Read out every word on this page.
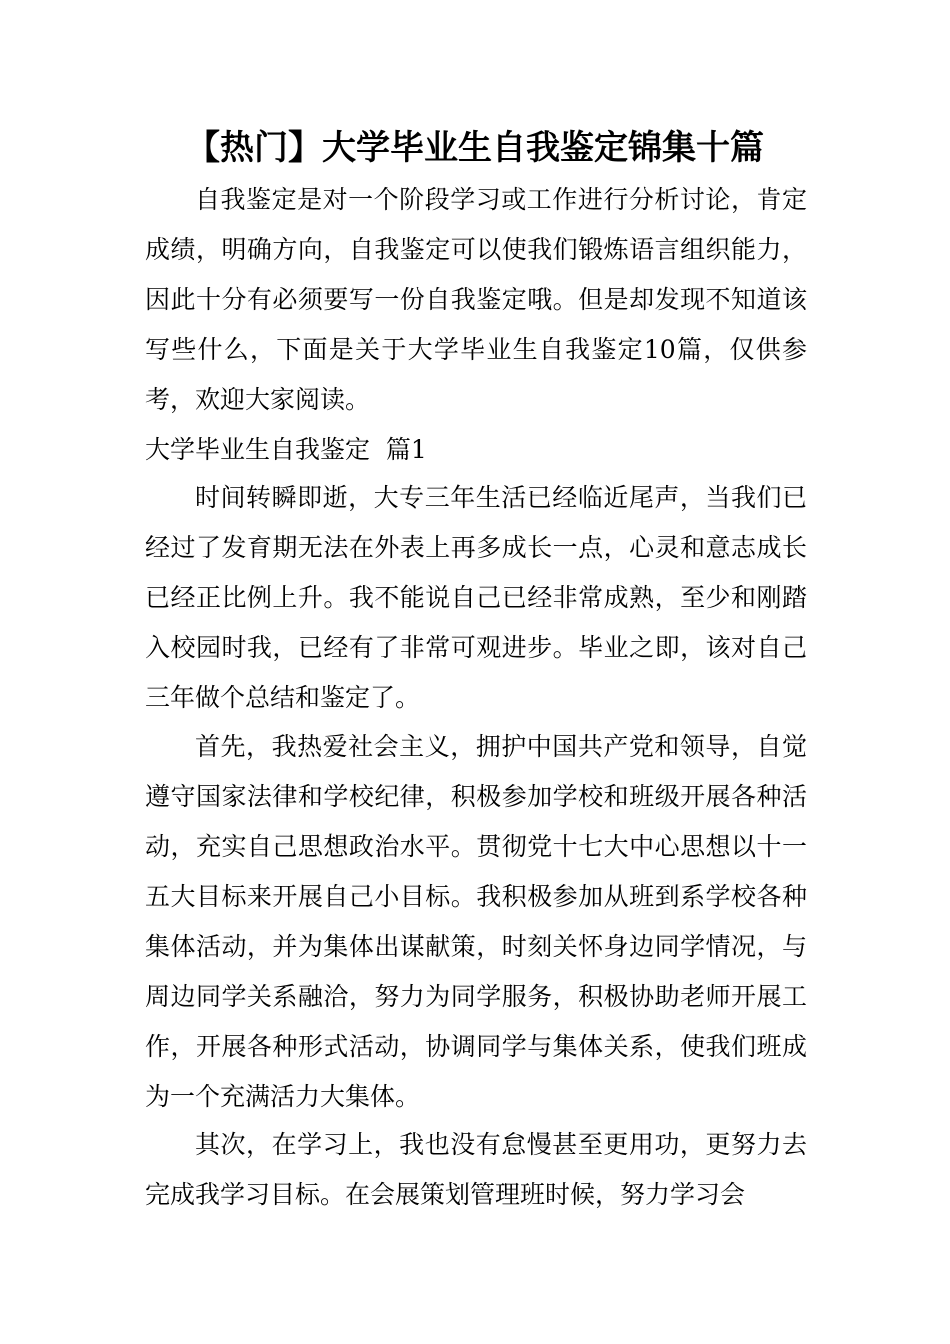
【热门】大学毕业生自我鉴定锦集十篇

自我鉴定是对一个阶段学习或工作进行分析讨论，肯定成绩，明确方向，自我鉴定可以使我们锻炼语言组织能力，因此十分有必须要写一份自我鉴定哦。但是却发现不知道该写些什么，下面是关于大学毕业生自我鉴定10篇，仅供参考，欢迎大家阅读。

大学毕业生自我鉴定  篇1

时间转瞬即逝，大专三年生活已经临近尾声，当我们已经过了发育期无法在外表上再多成长一点，心灵和意志成长已经正比例上升。我不能说自己已经非常成熟，至少和刚踏入校园时我，已经有了非常可观进步。毕业之即，该对自己三年做个总结和鉴定了。

首先，我热爱社会主义，拥护中国共产党和领导，自觉遵守国家法律和学校纪律，积极参加学校和班级开展各种活动，充实自己思想政治水平。贯彻党十七大中心思想以十一五大目标来开展自己小目标。我积极参加从班到系学校各种集体活动，并为集体出谋献策，时刻关怀身边同学情况，与周边同学关系融洽，努力为同学服务，积极协助老师开展工作，开展各种形式活动，协调同学与集体关系，使我们班成为一个充满活力大集体。

其次，在学习上，我也没有怠慢甚至更用功，更努力去完成我学习目标。在会展策划管理班时候，努力学习会
